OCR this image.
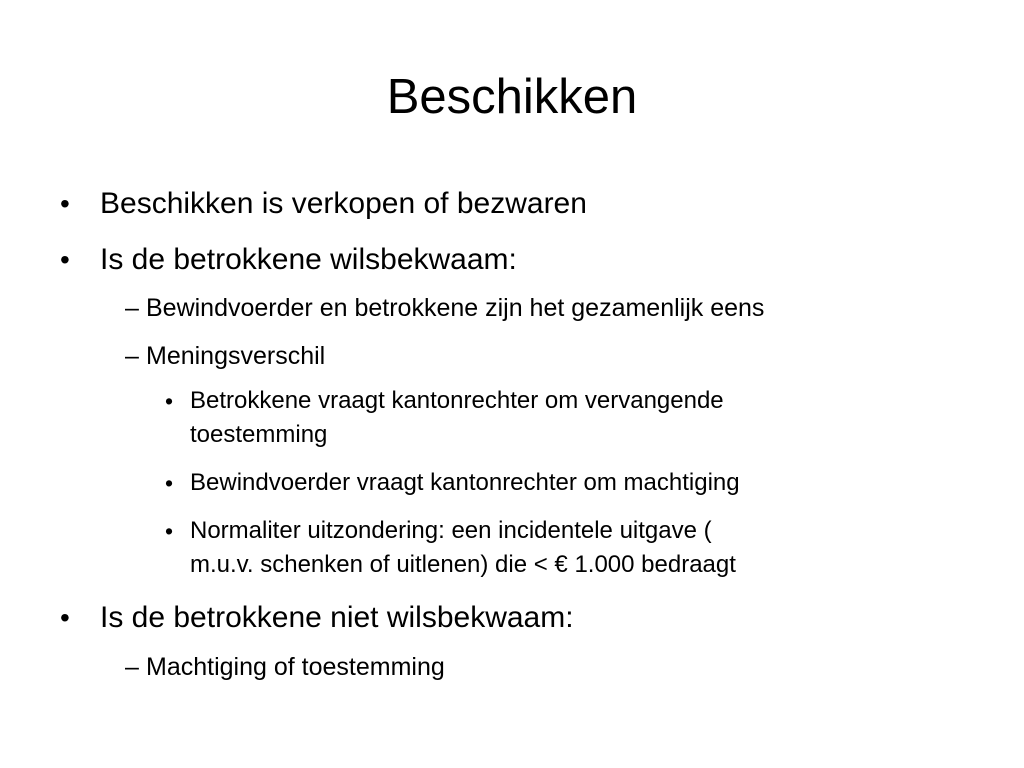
Beschikken
• Beschikken is verkopen of bezwaren
• Is de betrokkene wilsbekwaam:
– Bewindvoerder en betrokkene zijn het gezamenlijk eens
– Meningsverschil
• Betrokkene vraagt kantonrechter om vervangende
toestemming
• Bewindvoerder vraagt kantonrechter om machtiging
• Normaliter uitzondering: een incidentele uitgave (
m.u.v. schenken of uitlenen) die < € 1.000 bedraagt
• Is de betrokkene niet wilsbekwaam:
– Machtiging of toestemming
